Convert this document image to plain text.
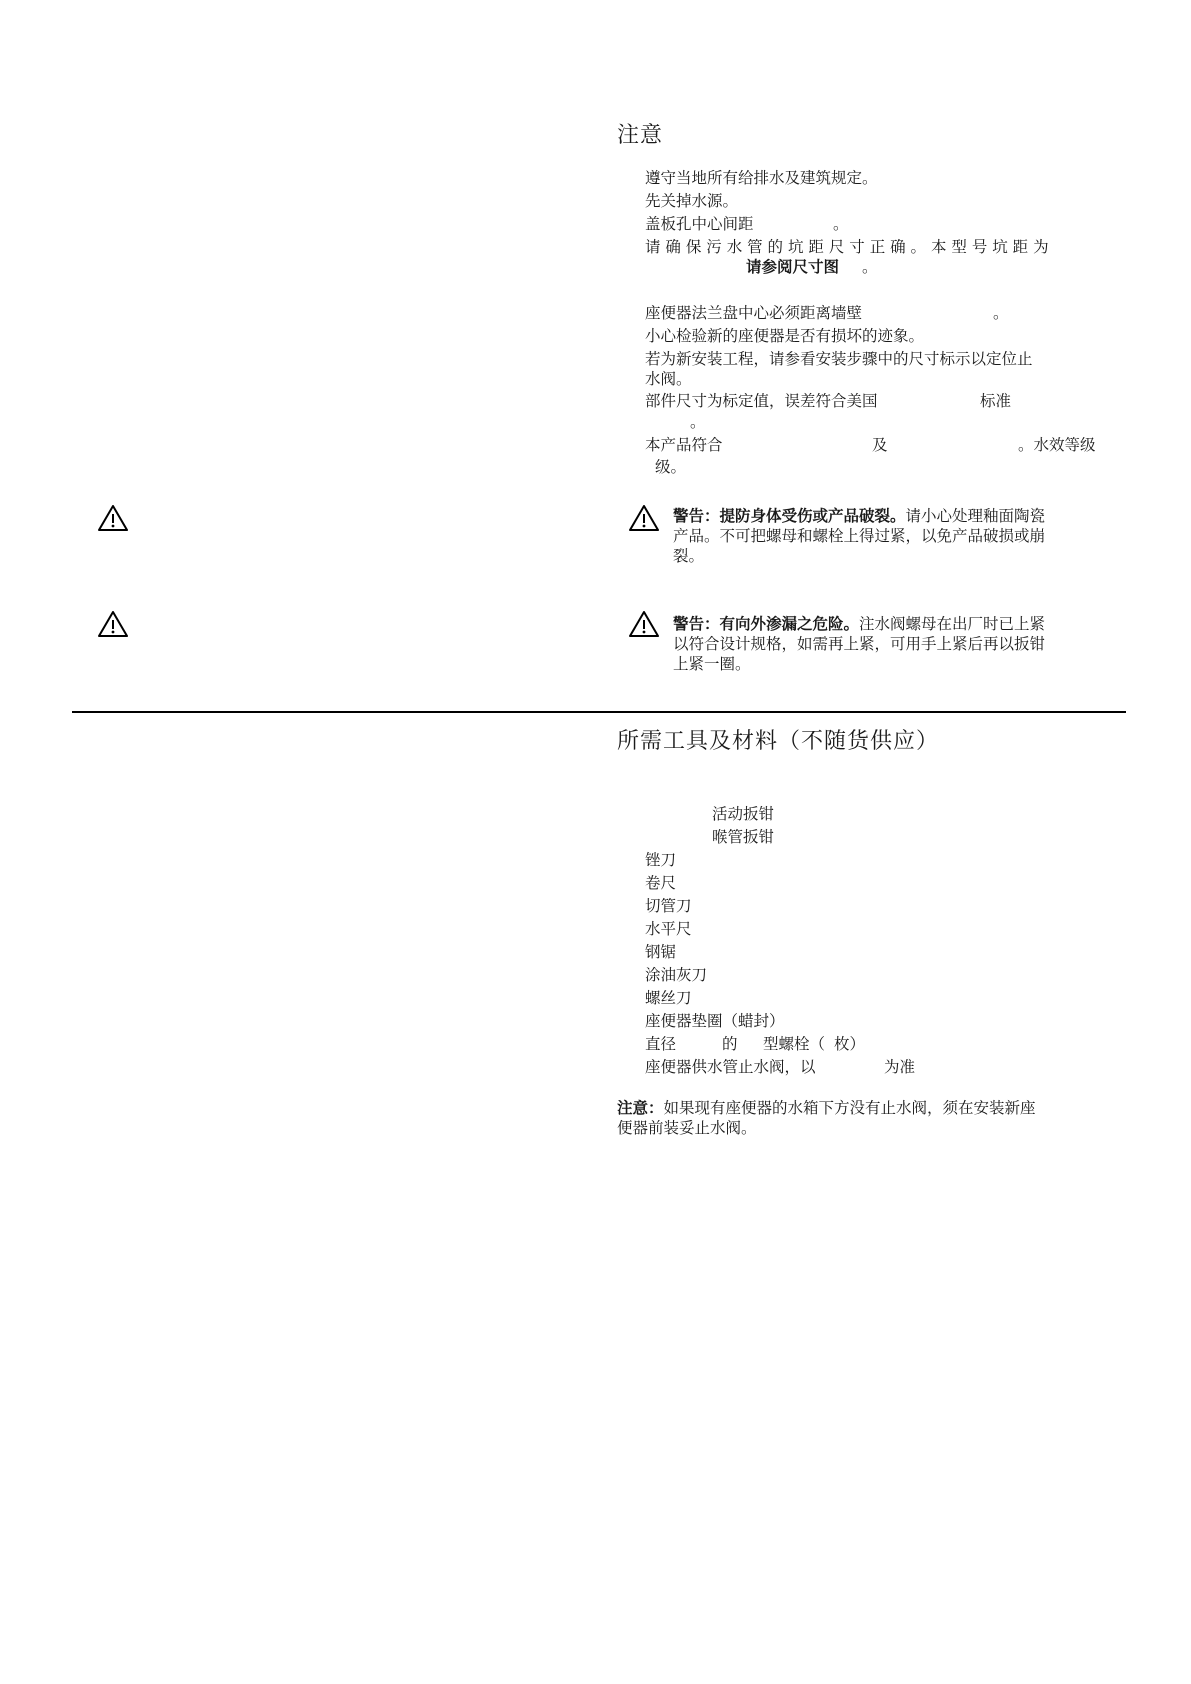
注意
遵守当地所有给排水及建筑规定。
先关掉水源。
盖板孔中心间距	。
请 确 保 污 水 管 的 坑 距 尺 寸 正 确 。 本 型 号 坑 距 为
请参阅尺寸图 。
座便器法兰盘中心必须距离墙壁	。
小心检验新的座便器是否有损坏的迹象。
若为新安装工程，请参看安装步骤中的尺寸标示以定位止
水阀。
部件尺寸为标定值，误差符合美国	标准
。
本产品符合	及	。水效等级
级。
警告：提防身体受伤或产品破裂。请小心处理釉面陶瓷
产品。不可把螺母和螺栓上得过紧，以免产品破损或崩
裂。
警告：有向外渗漏之危险。注水阀螺母在出厂时已上紧
以符合设计规格，如需再上紧，可用手上紧后再以扳钳
上紧一圈。
所需工具及材料（不随货供应）
活动扳钳
喉管扳钳
锉刀
卷尺
切管刀
水平尺
钢锯
涂油灰刀
螺丝刀
座便器垫圈（蜡封）
直径	的 型螺栓（ 枚）
座便器供水管止水阀，以	为准
注意：如果现有座便器的水箱下方没有止水阀，须在安装新座
便器前装妥止水阀。
